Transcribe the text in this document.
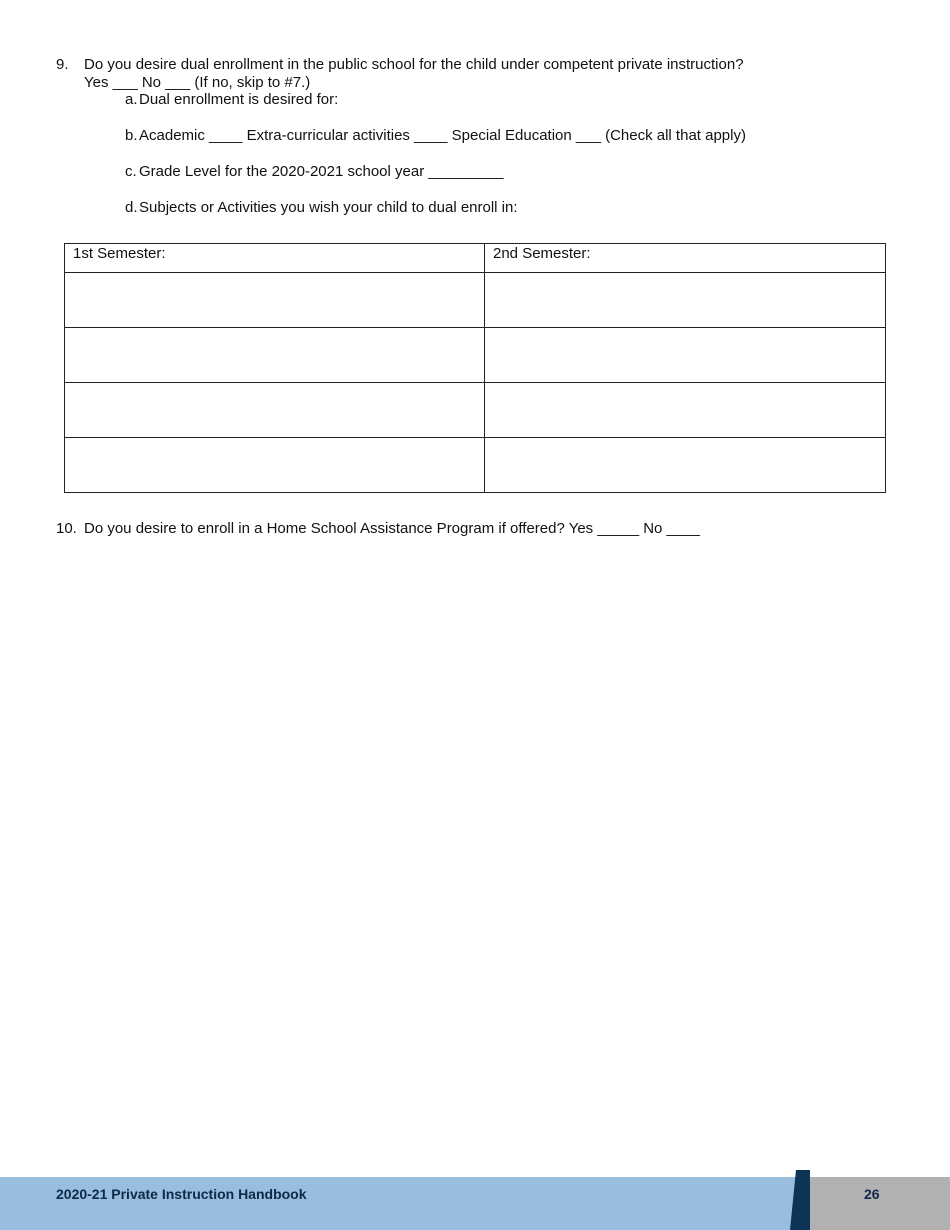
9. Do you desire dual enrollment in the public school for the child under competent private instruction?
Yes ___ No ___ (If no, skip to #7.)
a.Dual enrollment is desired for:
b.Academic ____ Extra-curricular activities ____ Special Education ___ (Check all that apply)
c. Grade Level for the 2020-2021 school year _________
d.Subjects or Activities you wish your child to dual enroll in:
1st Semester:	2nd Semester:

10. Do you desire to enroll in a Home School Assistance Program if offered? Yes _____ No ____
2020-21 Private Instruction Handbook	26
